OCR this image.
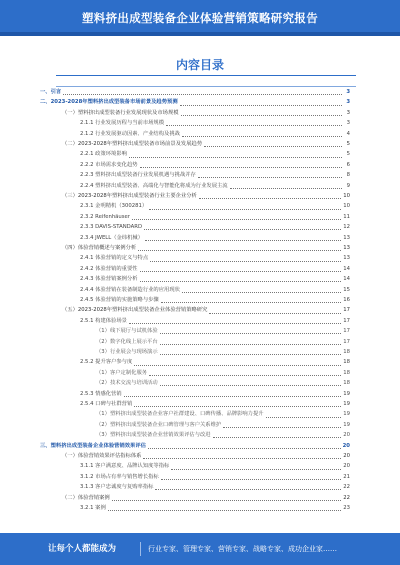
塑料挤出成型装备企业体验营销策略研究报告
内容目录
一、引言	3
二、2023-2028年塑料挤出成型装备市场前景及趋势预测	3
（一）塑料挤出成型装备行业发展现状及市场规模	3
2.1.1 行业发展历程与当前市场规模	3
2.1.2 行业发展驱动因素、产业结构及挑战	4
（二）2023-2028年塑料挤出成型装备市场前景及发展趋势	5
2.2.1 政策环境影响	5
2.2.2 市场需求变化趋势	6
2.2.3 塑料挤出成型装备行业发展机遇与挑战并存	8
2.2.4 塑料挤出成型装备、高端化与智能化将成为行业发展主流	9
（三）2023-2028年塑料挤出成型装备行业主要企业分析	10
2.3.1 金明精机（300281）	10
2.3.2 Reifenhäuser	11
2.3.3 DAVIS-STANDARD	12
2.3.4 JWELL（金纬机械）	13
（四）体验营销概述与案例分析	13
2.4.1 体验营销的定义与特点	13
2.4.2 体验营销的重要性	14
2.4.3 体验营销案例分析	14
2.4.4 体验营销在装备制造行业的应用现状	15
2.4.5 体验营销的实施策略与步骤	16
（五）2023-2028年塑料挤出成型装备企业体验营销策略研究	17
2.5.1 构建体验场景	17
（1）线下展厅与试机体验	17
（2）数字化线上展示平台	17
（3）行业展会与现场演示	18
2.5.2 提升客户参与度	18
（1）客户定制化服务	18
（2）技术交流与培训活动	18
2.5.3 情感化营销	19
2.5.4 口碑与社群营销	19
（1）塑料挤出成型装备企业客户社群建设、口碑传播、品牌影响力提升	19
（2）塑料挤出成型装备企业口碑管理与客户关系维护	19
（3）塑料挤出成型装备企业营销效果评估与改进	20
三、塑料挤出成型装备企业体验营销效果评估	20
（一）体验营销效果评估指标体系	20
3.1.1 客户满意度、品牌认知度等指标	20
3.1.2 市场占有率与销售增长指标	21
3.1.3 客户忠诚度与复购率指标	22
（二）体验营销案例	22
3.2.1 案例	23
让每个人都能成为	行业专家、管理专家、营销专家、战略专家、成功企业家……
